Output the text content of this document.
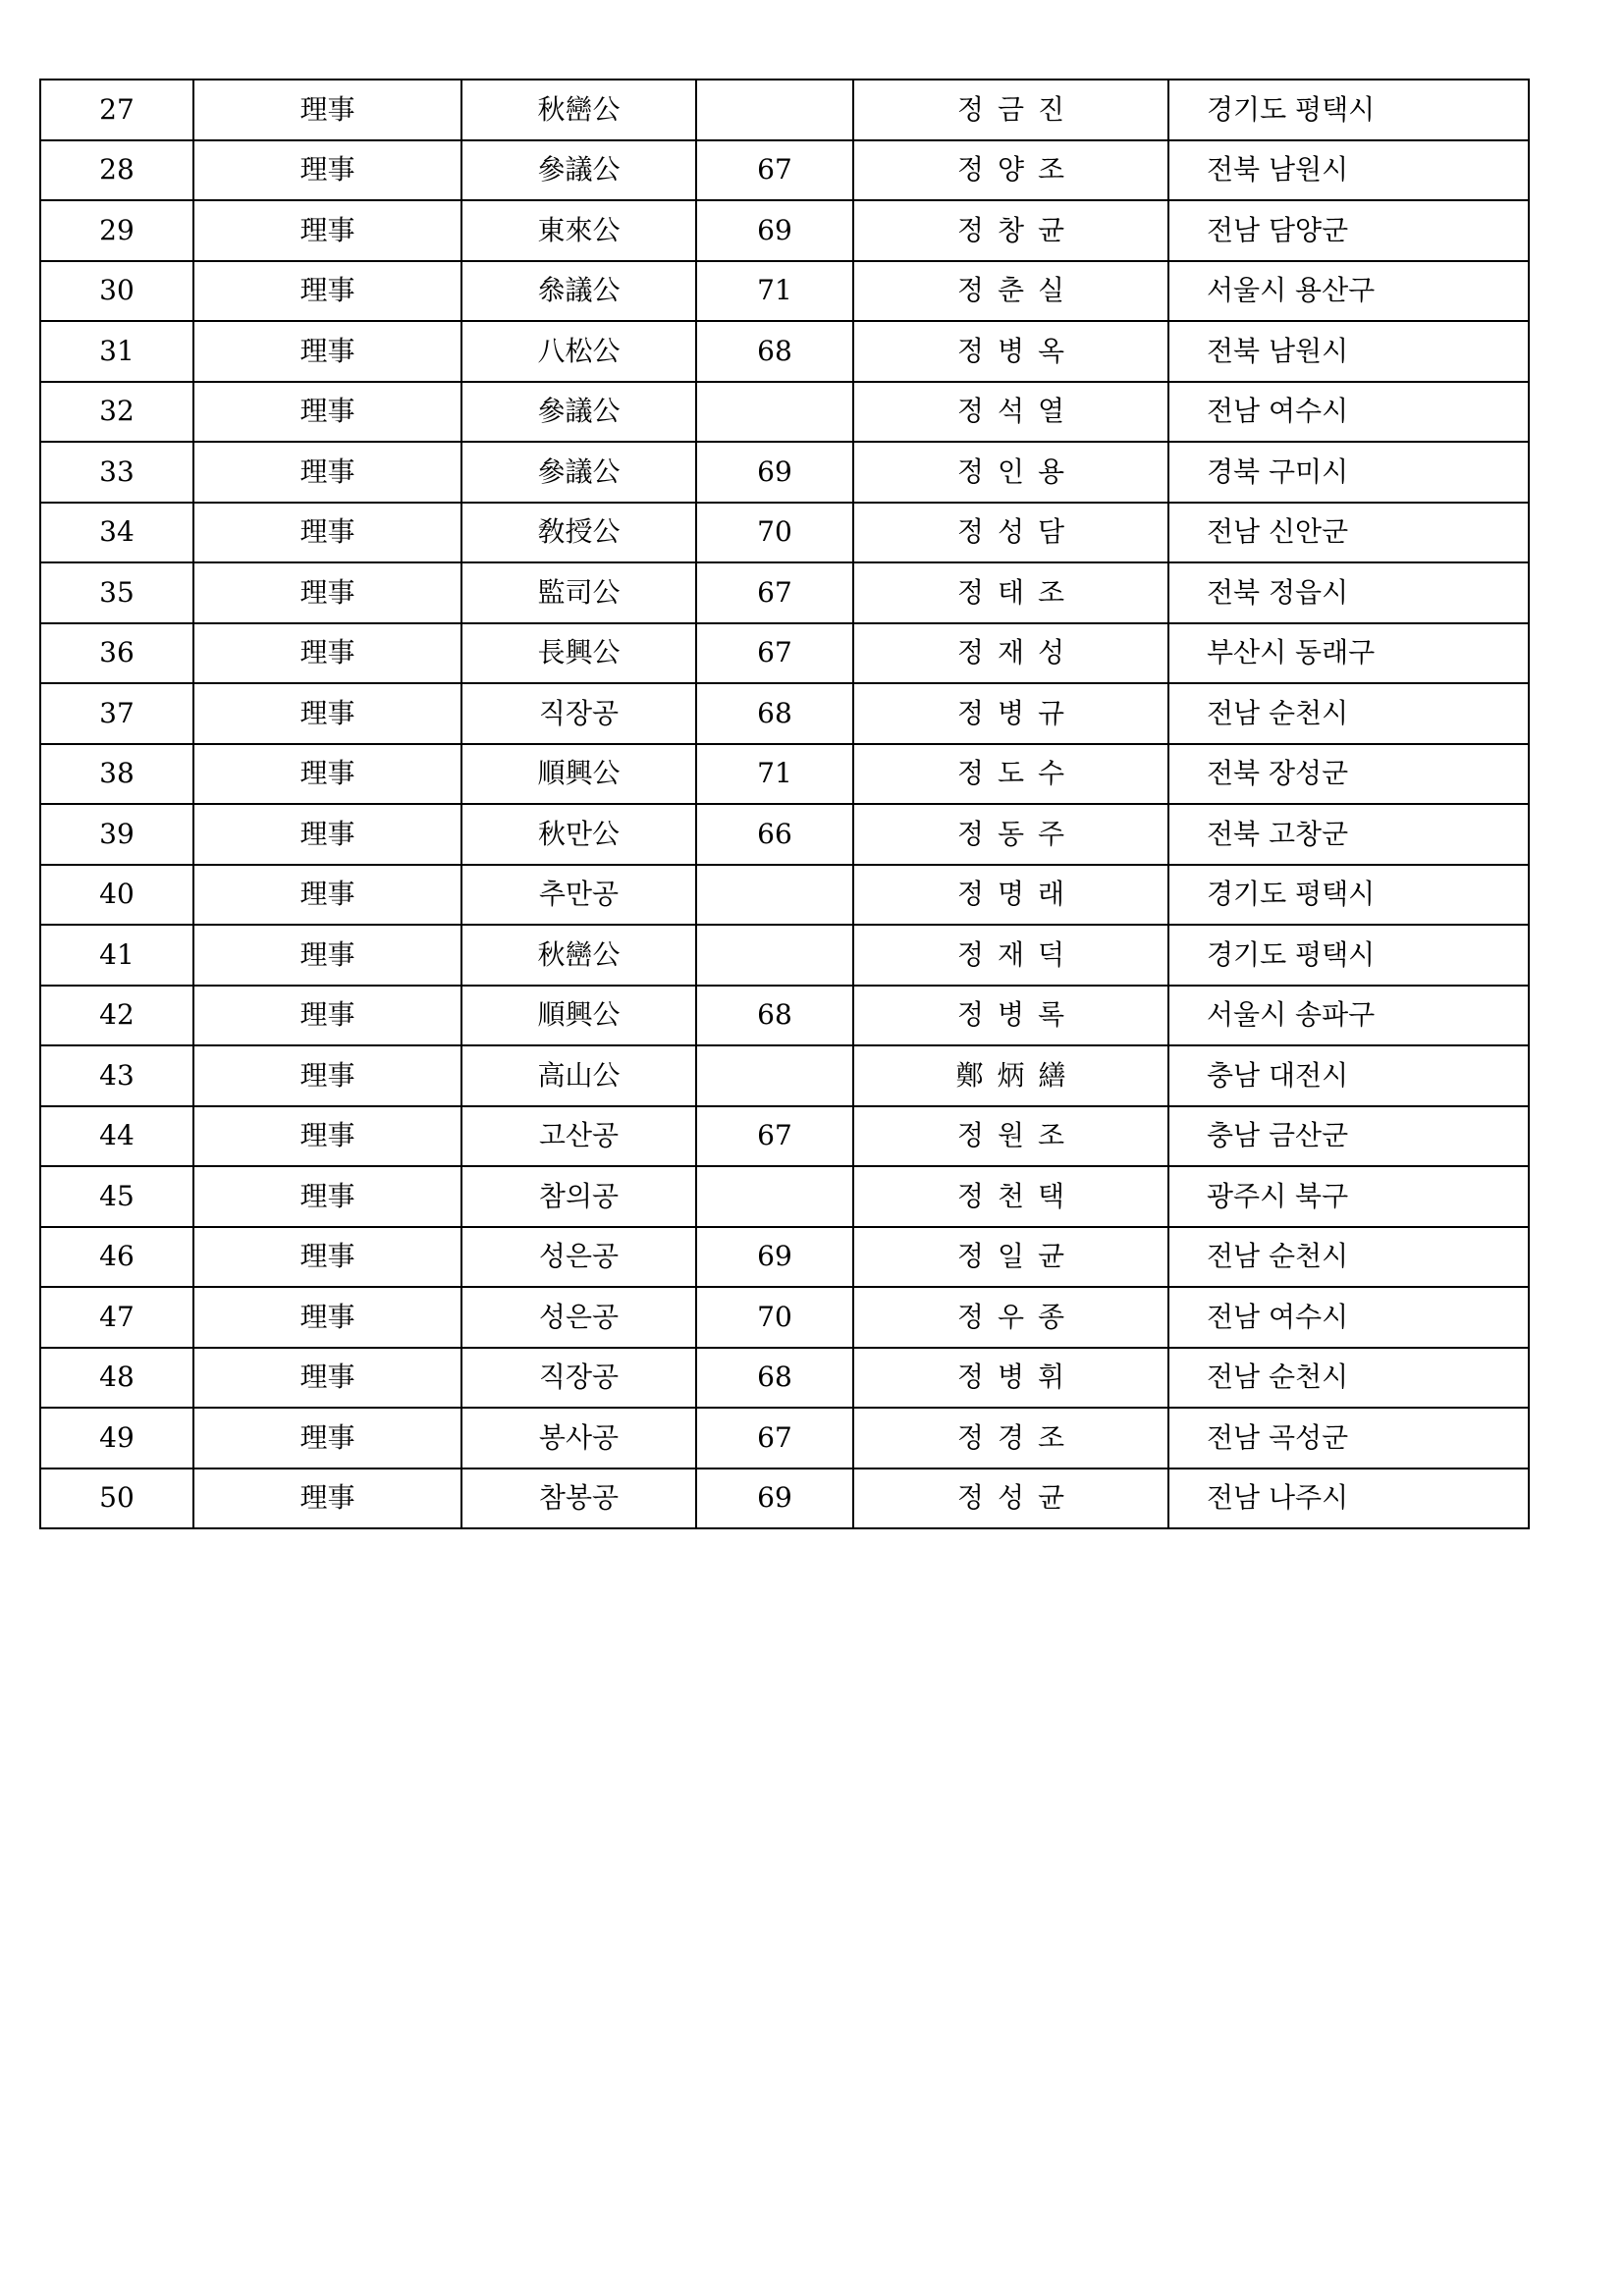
27	理事	秋巒公		정금진	경기도 평택시
28	理事	參議公	67	정양조	전북 남원시
29	理事	東來公	69	정창균	전남 담양군
30	理事	叅議公	71	정춘실	서울시 용산구
31	理事	八松公	68	정병옥	전북 남원시
32	理事	參議公		정석열	전남 여수시
33	理事	參議公	69	정인용	경북 구미시
34	理事	敎授公	70	정성담	전남 신안군
35	理事	監司公	67	정태조	전북 정읍시
36	理事	長興公	67	정재성	부산시 동래구
37	理事	직장공	68	정병규	전남 순천시
38	理事	順興公	71	정도수	전북 장성군
39	理事	秋만公	66	정동주	전북 고창군
40	理事	추만공		정명래	경기도 평택시
41	理事	秋巒公		정재덕	경기도 평택시
42	理事	順興公	68	정병록	서울시 송파구
43	理事	高山公		鄭炳繕	충남 대전시
44	理事	고산공	67	정원조	충남 금산군
45	理事	참의공		정천택	광주시 북구
46	理事	성은공	69	정일균	전남 순천시
47	理事	성은공	70	정우종	전남 여수시
48	理事	직장공	68	정병휘	전남 순천시
49	理事	봉사공	67	정경조	전남 곡성군
50	理事	참봉공	69	정성균	전남 나주시
